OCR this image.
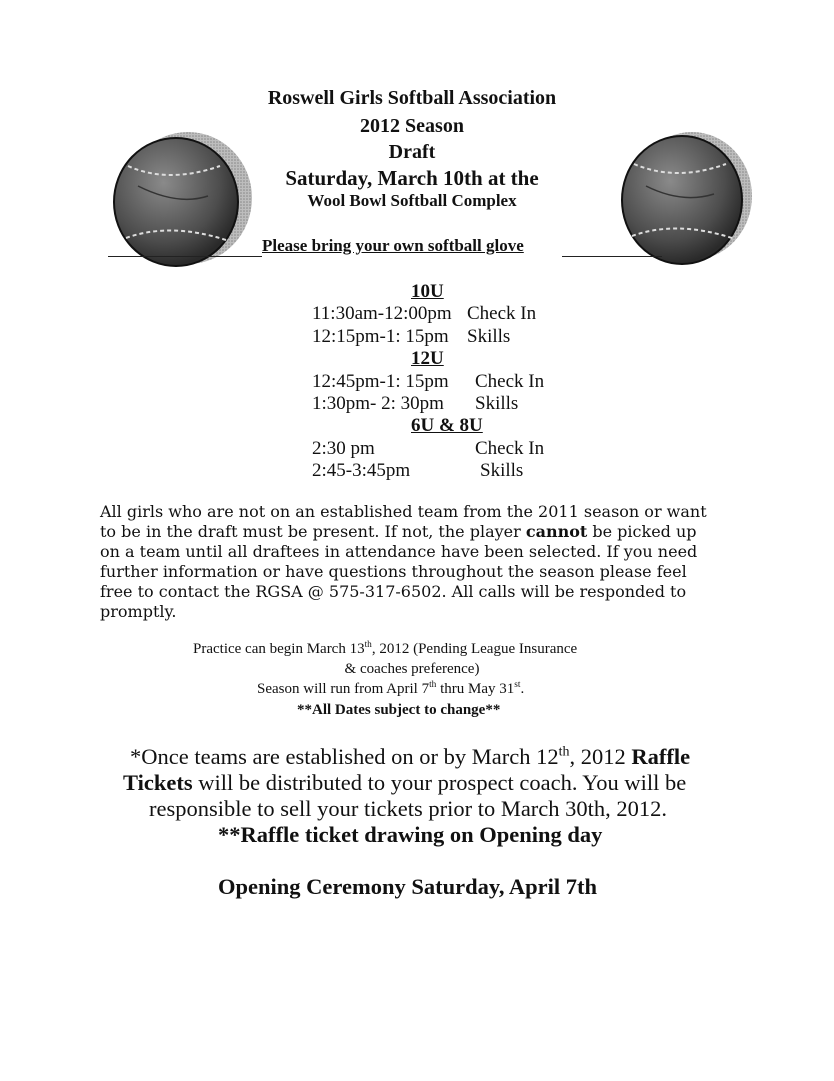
Roswell Girls Softball Association
2012 Season
Draft
Saturday, March 10th at the
Wool Bowl Softball Complex
Please bring your own softball glove
10U
11:30am-12:00pm Check In
12:15pm-1: 15pm Skills
12U
12:45pm-1: 15pm Check In
1:30pm- 2: 30pm Skills
6U & 8U
2:30 pm	Check In
2:45-3:45pm	Skills
All girls who are not on an established team from the 2011 season or want
to be in the draft must be present. If not, the player cannot be picked up
on a team until all draftees in attendance have been selected. If you need
further information or have questions throughout the season please feel
free to contact the RGSA @ 575-317-6502. All calls will be responded to
promptly.
Practice can begin March 13th, 2012 (Pending League Insurance
& coaches preference)
Season will run from April 7th thru May 31st.
**All Dates subject to change**
*Once teams are established on or by March 12th, 2012 Raffle
Tickets will be distributed to your prospect coach. You will be
responsible to sell your tickets prior to March 30th, 2012.
**Raffle ticket drawing on Opening day
Opening Ceremony Saturday, April 7th
